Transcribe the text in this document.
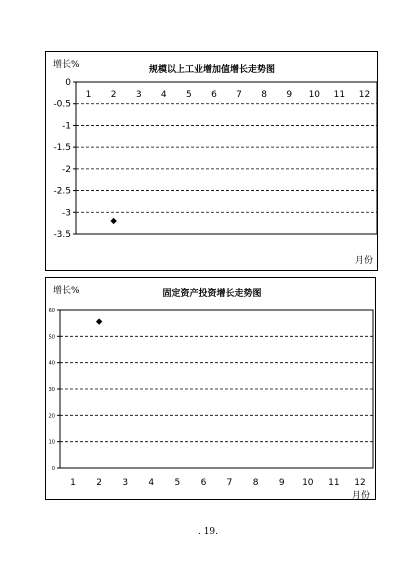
规模以上工业增加值增长走势图
增长%
月份
0
-0.5
-1
-1.5
-2
-2.5
-3
-3.5
1 2 3 4 5 6 7 8 9 10 11 12
固定资产投资增长走势图
增长%
月份
0
10
20
30
40
50
60
1 2 3 4 5 6 7 8 9 10 11 12
. 19.
